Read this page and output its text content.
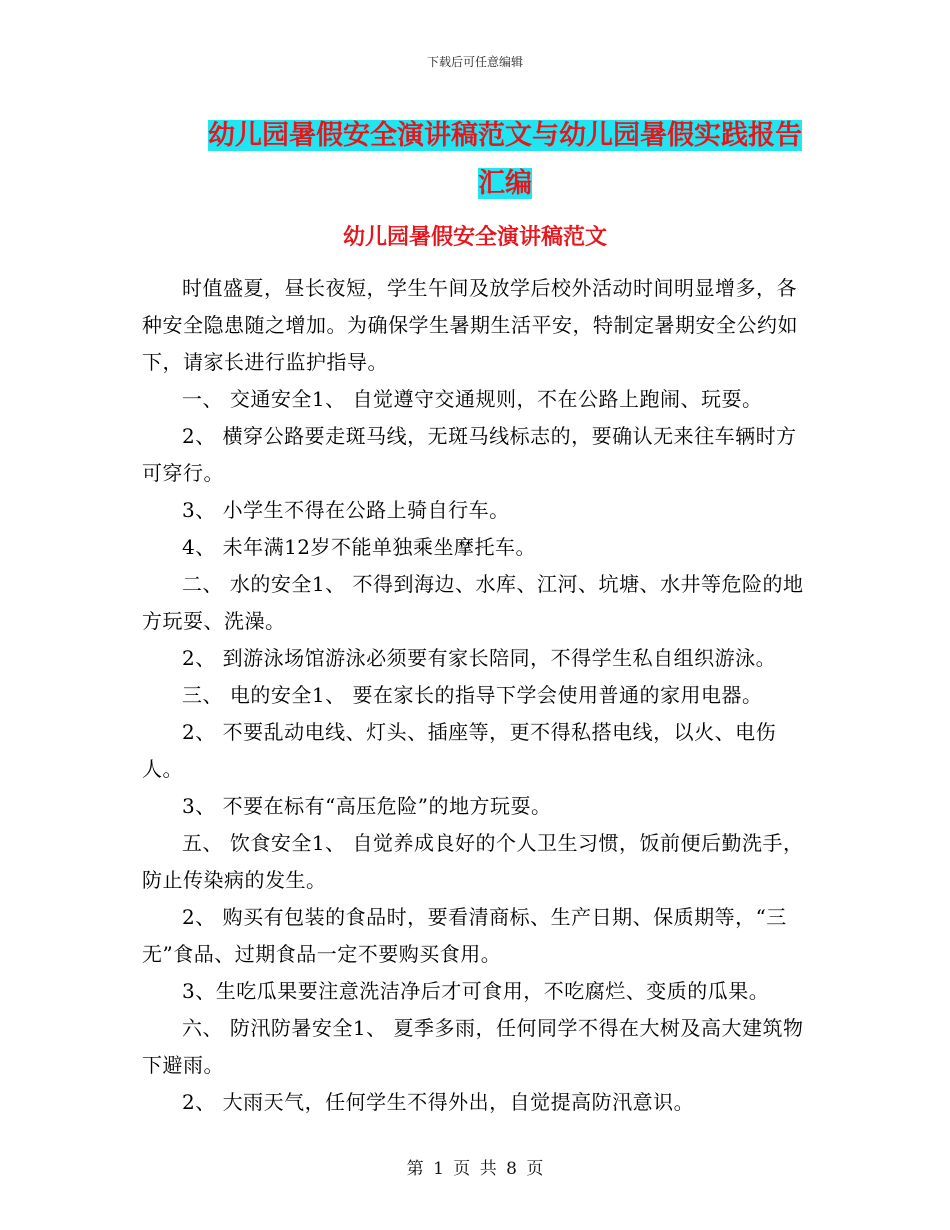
下载后可任意编辑
幼儿园暑假安全演讲稿范文与幼儿园暑假实践报告汇编
幼儿园暑假安全演讲稿范文

时值盛夏，昼长夜短，学生午间及放学后校外活动时间明显增多，各种安全隐患随之增加。为确保学生暑期生活平安，特制定暑期安全公约如下，请家长进行监护指导。

一、 交通安全1、 自觉遵守交通规则，不在公路上跑闹、玩耍。

2、 横穿公路要走斑马线，无斑马线标志的，要确认无来往车辆时方可穿行。

3、 小学生不得在公路上骑自行车。

4、 未年满12岁不能单独乘坐摩托车。

二、 水的安全1、 不得到海边、水库、江河、坑塘、水井等危险的地方玩耍、洗澡。

2、 到游泳场馆游泳必须要有家长陪同，不得学生私自组织游泳。

三、 电的安全1、 要在家长的指导下学会使用普通的家用电器。

2、 不要乱动电线、灯头、插座等，更不得私搭电线，以火、电伤人。

3、 不要在标有“高压危险”的地方玩耍。

五、 饮食安全1、 自觉养成良好的个人卫生习惯，饭前便后勤洗手，防止传染病的发生。

2、 购买有包装的食品时，要看清商标、生产日期、保质期等，“三无”食品、过期食品一定不要购买食用。

3、生吃瓜果要注意洗洁净后才可食用，不吃腐烂、变质的瓜果。

六、 防汛防暑安全1、 夏季多雨，任何同学不得在大树及高大建筑物下避雨。

2、 大雨天气，任何学生不得外出，自觉提高防汛意识。

第 1 页 共 8 页
